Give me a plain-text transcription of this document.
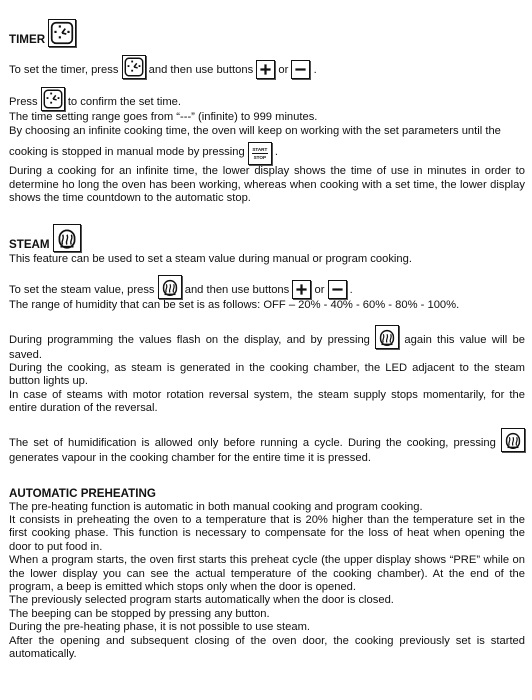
TIMER

To set the timer, press	and then use buttons or .

Press	to confirm the set time.

The time setting range goes from “---” (infinite) to 999 minutes.

By choosing an infinite cooking time, the oven will keep on working with the set parameters until the

cooking is stopped in manual mode by pressing	START
STOP .

During a cooking for an infinite time, the lower display shows the time of use in minutes in order to determine ho long the oven has been working, whereas when cooking with a set time, the lower display shows the time countdown to the automatic stop.

STEAM

This feature can be used to set a steam value during manual or program cooking.

To set the steam value, press	and then use buttons or .

The range of humidity that can be set is as follows: OFF – 20% - 40% - 60% - 80% - 100%.

During programming the values flash on the display, and by pressing	again this value will be saved.

During the cooking, as steam is generated in the cooking chamber, the LED adjacent to the steam button lights up.

In case of steams with motor rotation reversal system, the steam supply stops momentarily, for the entire duration of the reversal.

The set of humidification is allowed only before running a cycle. During the cooking, pressing
generates vapour in the cooking chamber for the entire time it is pressed.

AUTOMATIC PREHEATING

The pre-heating function is automatic in both manual cooking and program cooking.

It consists in preheating the oven to a temperature that is 20% higher than the temperature set in the first cooking phase. This function is necessary to compensate for the loss of heat when opening the door to put food in.

When a program starts, the oven first starts this preheat cycle (the upper display shows “PRE” while on the lower display you can see the actual temperature of the cooking chamber). At the end of the program, a beep is emitted which stops only when the door is opened.

The previously selected program starts automatically when the door is closed.

The beeping can be stopped by pressing any button.

During the pre-heating phase, it is not possible to use steam.

After the opening and subsequent closing of the oven door, the cooking previously set is started automatically.
